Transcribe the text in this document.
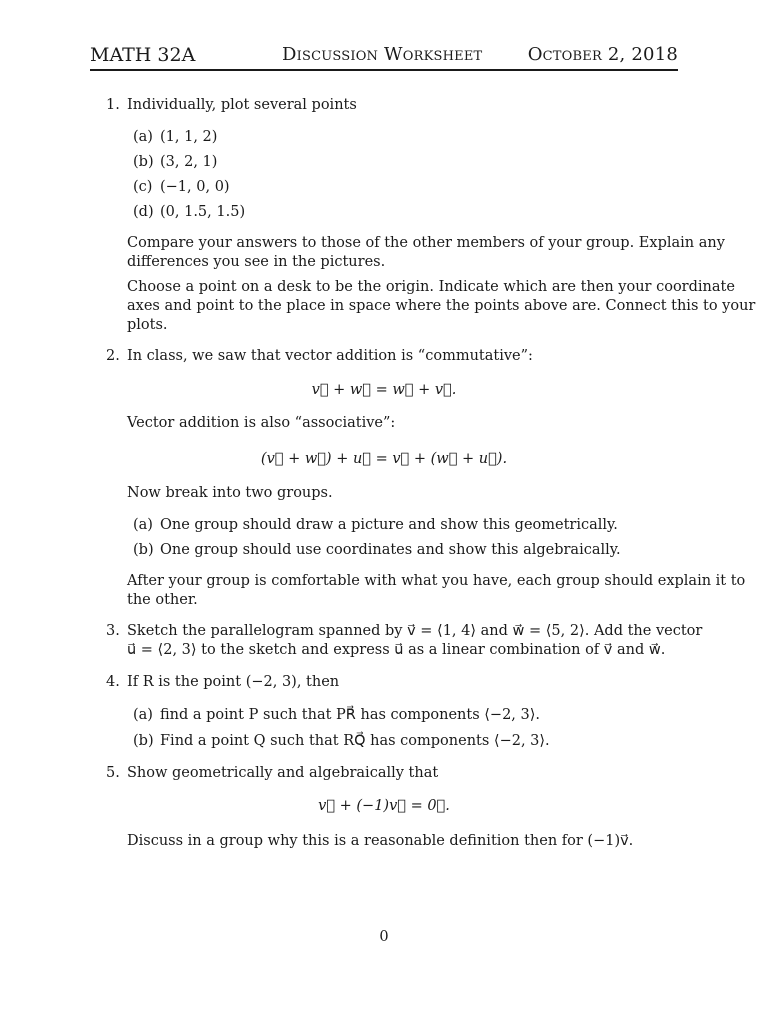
MATH 32A	Discussion Worksheet	October 2, 2018
1. Individually, plot several points
(a) (1, 1, 2)
(b) (3, 2, 1)
(c) (−1, 0, 0)
(d) (0, 1.5, 1.5)
Compare your answers to those of the other members of your group. Explain any
differences you see in the pictures.
Choose a point on a desk to be the origin. Indicate which are then your coordinate
axes and point to the place in space where the points above are. Connect this to your
plots.
2. In class, we saw that vector addition is “commutative”:
v⃗ + w⃗ = w⃗ + v⃗.
Vector addition is also “associative”:
(v⃗ + w⃗) + u⃗ = v⃗ + (w⃗ + u⃗).
Now break into two groups.
(a) One group should draw a picture and show this geometrically.
(b) One group should use coordinates and show this algebraically.
After your group is comfortable with what you have, each group should explain it to
the other.
3. Sketch the parallelogram spanned by v⃗ = ⟨1, 4⟩ and w⃗ = ⟨5, 2⟩. Add the vector
u⃗ = ⟨2, 3⟩ to the sketch and express u⃗ as a linear combination of v⃗ and w⃗.
4. If R is the point (−2, 3), then
(a) find a point P such that PR⃗ has components ⟨−2, 3⟩.
(b) Find a point Q such that RQ⃗ has components ⟨−2, 3⟩.
5. Show geometrically and algebraically that
v⃗ + (−1)v⃗ = 0⃗.
Discuss in a group why this is a reasonable definition then for (−1)v⃗.
0
